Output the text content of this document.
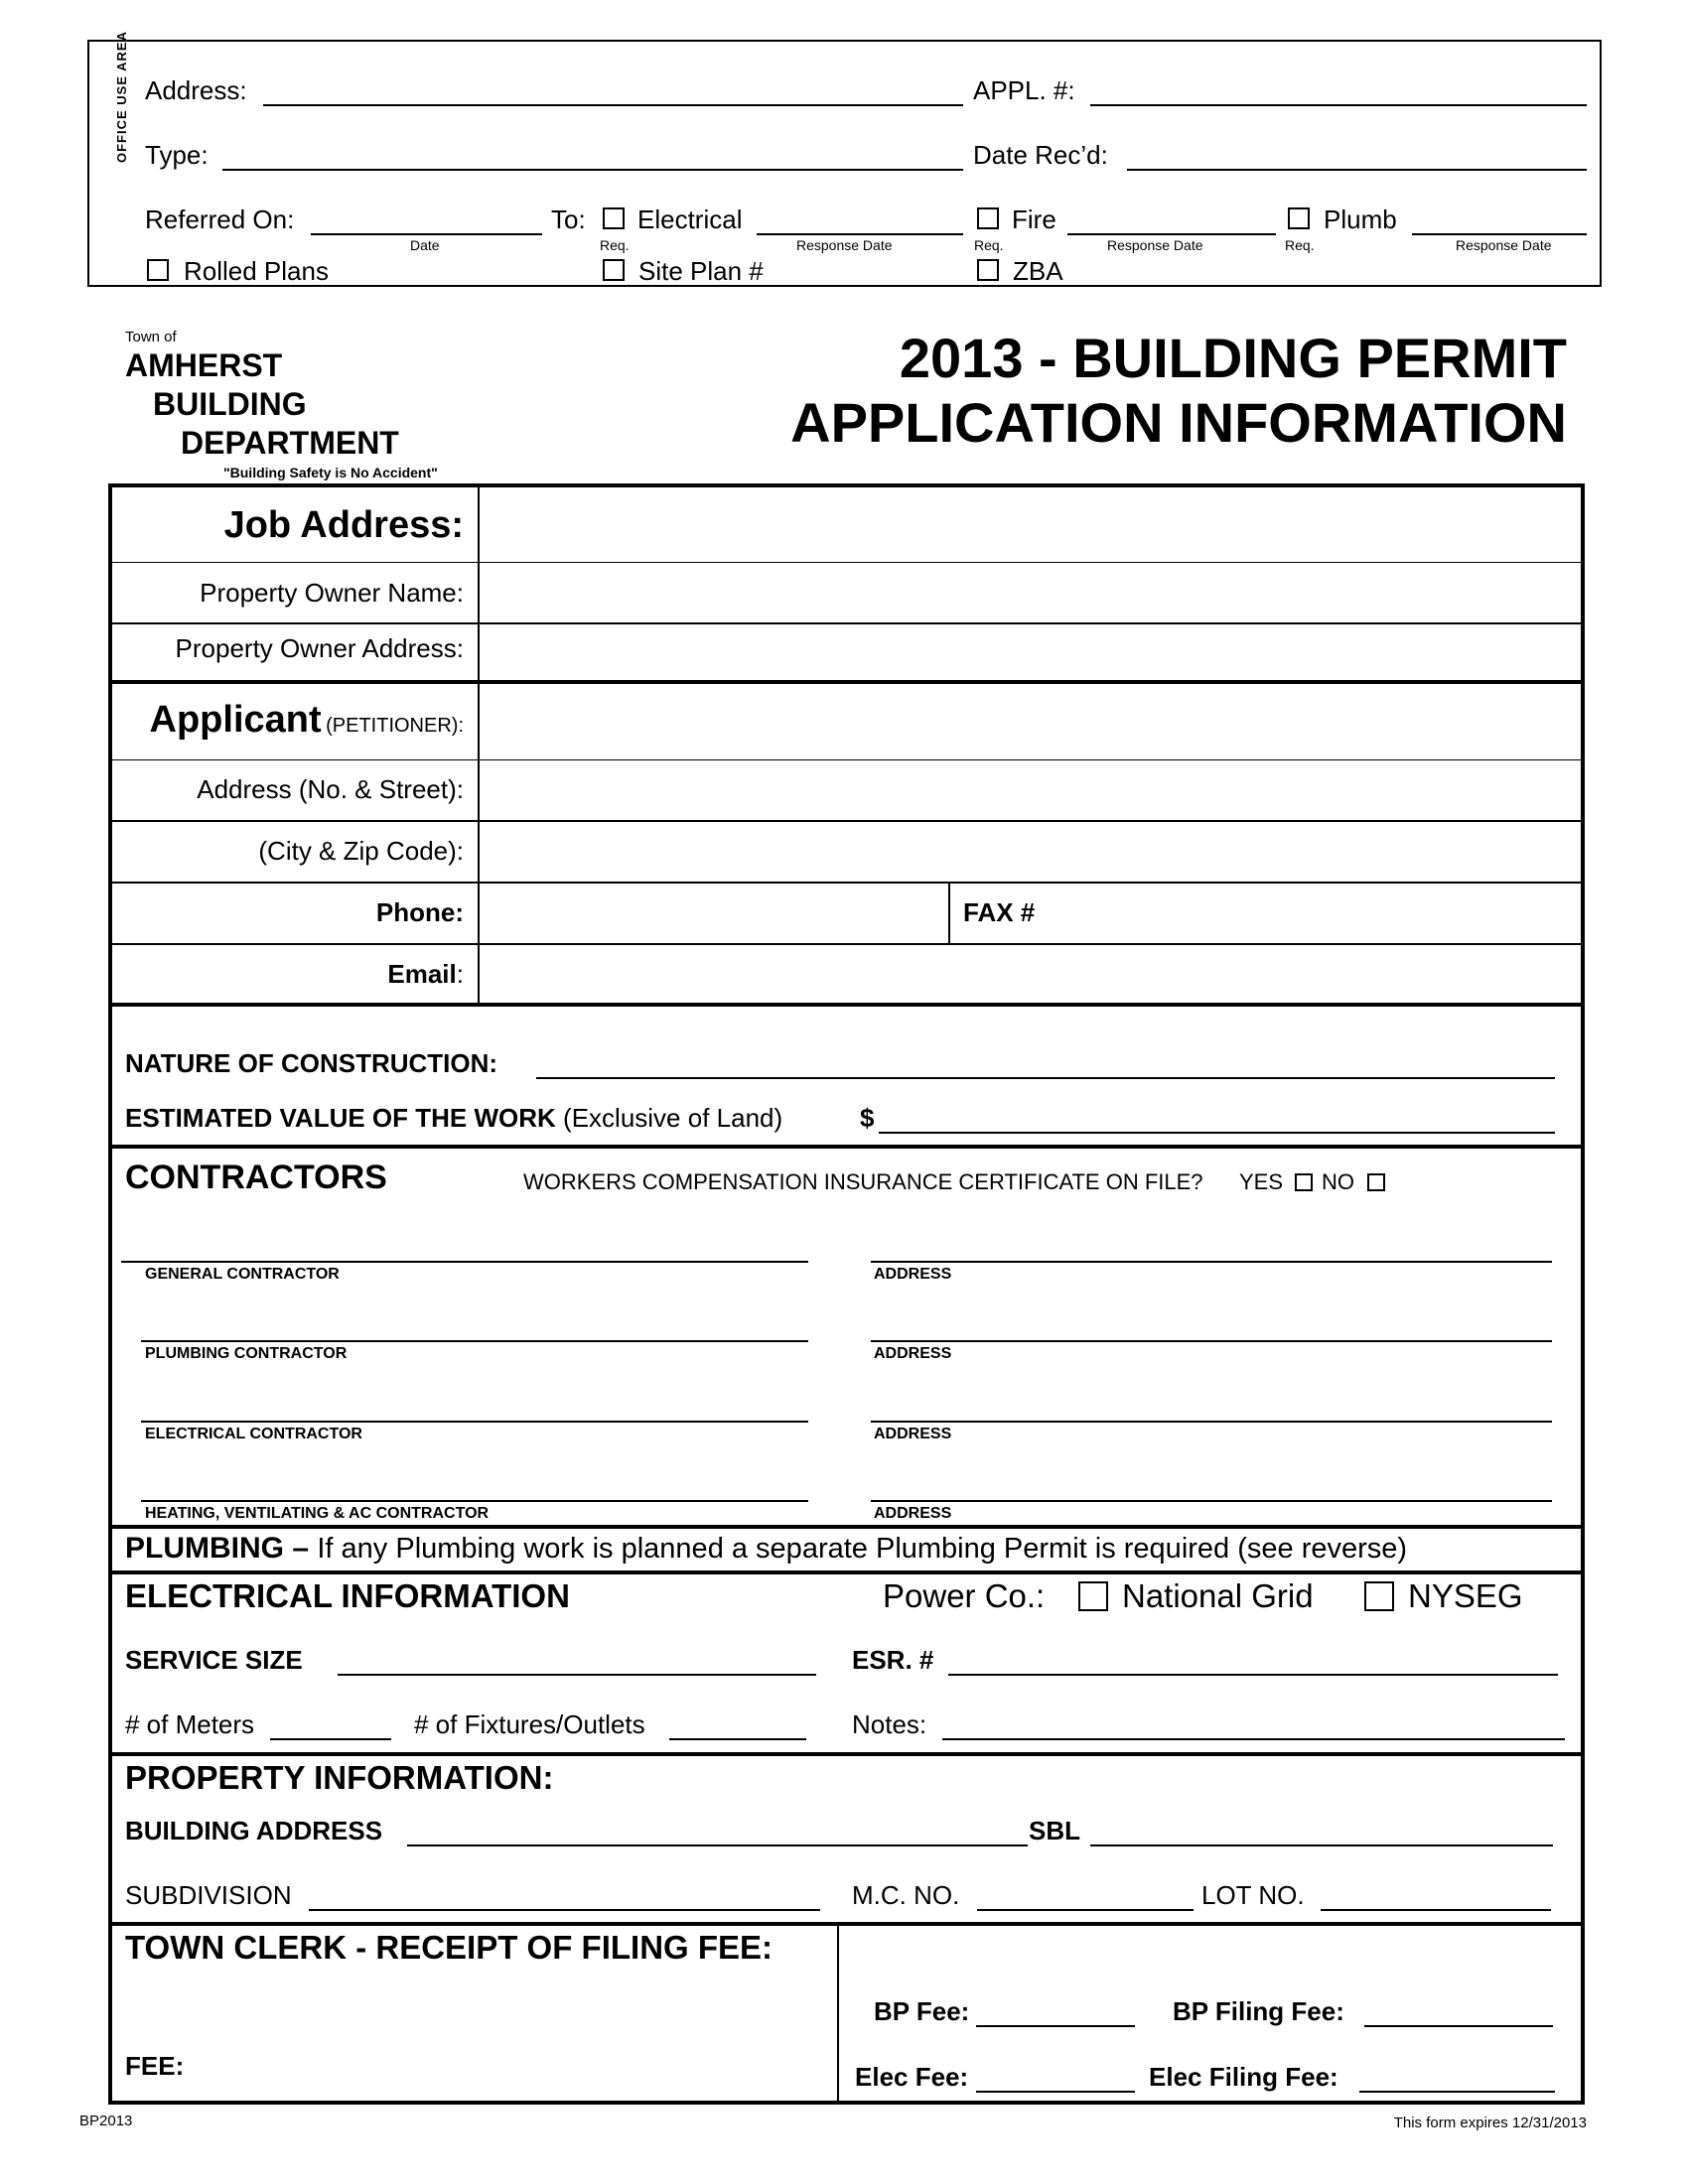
OFFICE USE AREA Address:	APPL. #:
Type:	Date Rec’d:
Referred On:
Date
To: Electrical
Req.	Response Date
Fire
Req.	Response Date
Plumb
Req.	Response Date
Rolled Plans	Site Plan #	ZBA
Town of
AMHERST
BUILDING
DEPARTMENT
"Building Safety is No Accident"
2013 - BUILDING PERMIT
APPLICATION INFORMATION
Job Address:
Property Owner Name:
Property Owner Address:
Applicant (PETITIONER):
Address (No. & Street):
(City & Zip Code):
Phone:	FAX #
Email:
NATURE OF CONSTRUCTION:
ESTIMATED VALUE OF THE WORK (Exclusive of Land)	$
CONTRACTORS	WORKERS COMPENSATION INSURANCE CERTIFICATE ON FILE? YES NO
GENERAL CONTRACTOR	ADDRESS
PLUMBING CONTRACTOR	ADDRESS
ELECTRICAL CONTRACTOR	ADDRESS
HEATING, VENTILATING & AC CONTRACTOR	ADDRESS
PLUMBING – If any Plumbing work is planned a separate Plumbing Permit is required (see reverse)
ELECTRICAL INFORMATION	Power Co.: National Grid	NYSEG
SERVICE SIZE	ESR. #
# of Meters	# of Fixtures/Outlets	Notes:
PROPERTY INFORMATION:
BUILDING ADDRESS	SBL
SUBDIVISION	M.C. NO.	LOT NO.
TOWN CLERK - RECEIPT OF FILING FEE:
FEE:
BP Fee:	BP Filing Fee:
Elec Fee:	Elec Filing Fee:
BP2013	This form expires 12/31/2013
